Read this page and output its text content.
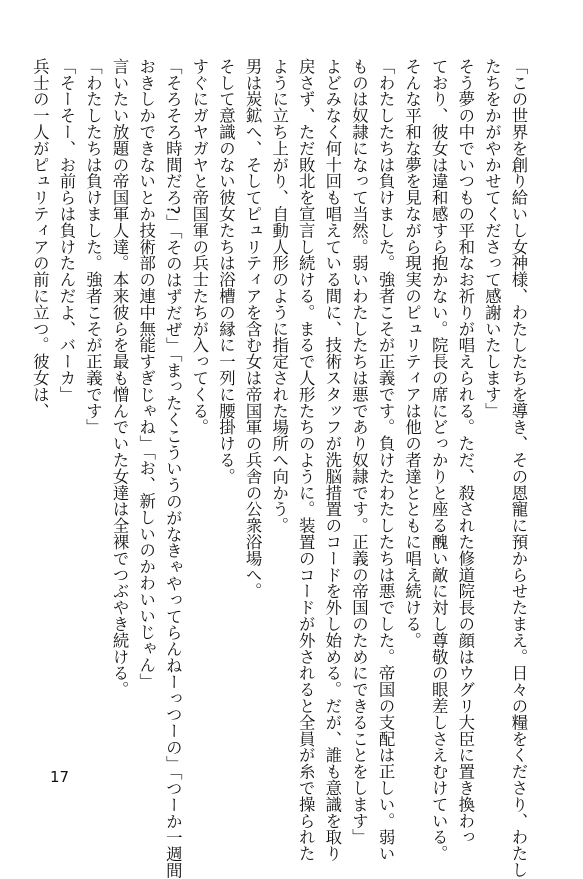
「この世界を創り給いし女神様、わたしたちを導き、その恩寵に預からせたまえ。日々の糧をくださり、わたし
たちをかがやかせてくださって感謝いたします」
そう夢の中でいつもの平和なお祈りが唱えられる。ただ、殺された修道院長の顔はウグリ大臣に置き換わっ
ており、彼女は違和感すら抱かない。院長の席にどっかりと座る醜い敵に対し尊敬の眼差しさえむけている。
そんな平和な夢を見ながら現実のピュリティアは他の者達とともに唱え続ける。
「わたしたちは負けました。強者こそが正義です。負けたわたしたちは悪でした。帝国の支配は正しい。弱い
ものは奴隷になって当然。弱いわたしたちは悪であり奴隷です。正義の帝国のためにできることをします」
よどみなく何十回も唱えている間に、技術スタッフが洗脳措置のコードを外し始める。だが、誰も意識を取り
戻さず、ただ敗北を宣言し続ける。まるで人形たちのように。装置のコードが外されると全員が糸で操られた
ように立ち上がり、自動人形のように指定された場所へ向かう。
男は炭鉱へ、そしてピュリティアを含む女は帝国軍の兵舎の公衆浴場へ。
そして意識のない彼女たちは浴槽の縁に一列に腰掛ける。
すぐにガヤガヤと帝国軍の兵士たちが入ってくる。
「そろそろ時間だろ?」「そのはずだぜ」「まったくこういうのがなきゃやってらんねーっつーの」「つーか一週間
おきしかできないとか技術部の連中無能すぎじゃね」「お、新しいのかわいいじゃん」
言いたい放題の帝国軍人達。本来彼らを最も憎んでいた女達は全裸でつぶやき続ける。
「わたしたちは負けました。強者こそが正義です」
「そーそー、お前らは負けたんだよ、バーカ」
兵士の一人がピュリティアの前に立つ。彼女は、
17
